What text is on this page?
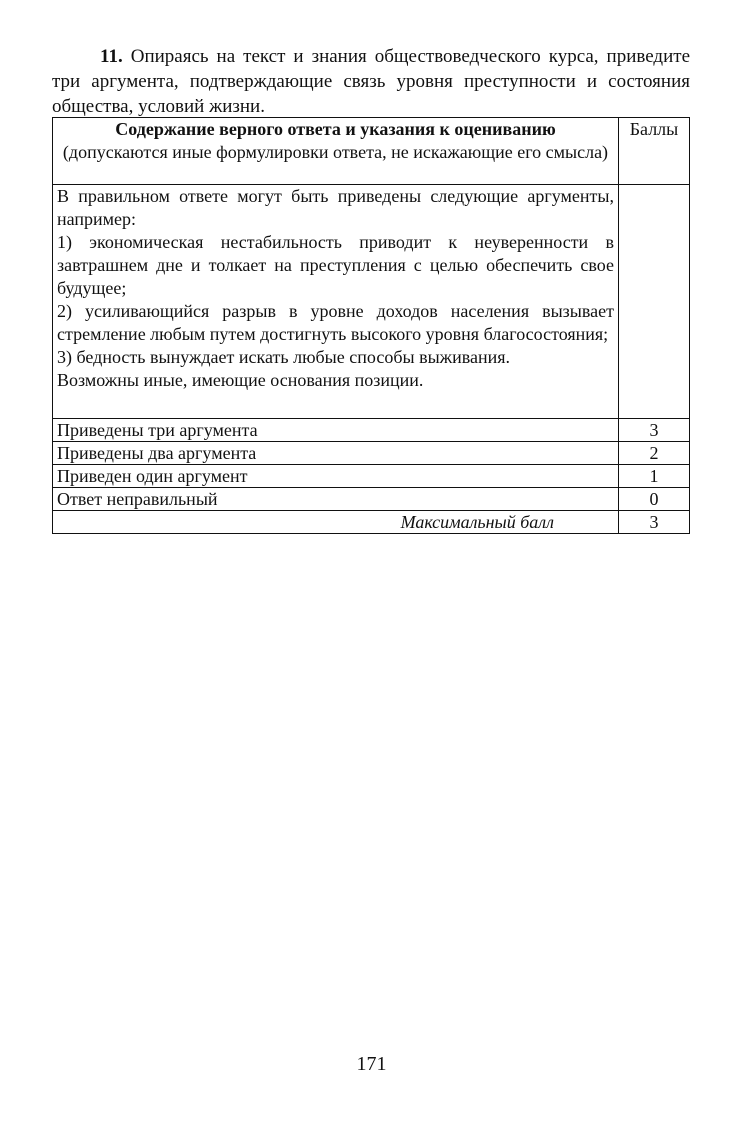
11. Опираясь на текст и знания обществоведческого курса, приведите три аргумента, подтверждающие связь уровня преступности и состояния общества, условий жизни.
Содержание верного ответа и указания к оцениванию
(допускаются иные формулировки ответа, не искажающие его смысла)	Баллы

В правильном ответе могут быть приведены следующие аргументы, например:

1) экономическая нестабильность приводит к неуверенности в завтрашнем дне и толкает на преступления с целью обеспечить свое будущее;

2) усиливающийся разрыв в уровне доходов населения вызывает стремление любым путем достигнуть высокого уровня благосостояния;

3) бедность вынуждает искать любые способы выживания.

Возможны иные, имеющие основания позиции.	

Приведены три аргумента	3
Приведены два аргумента	2
Приведен один аргумент	1
Ответ неправильный	0
Максимальный балл	3
171
